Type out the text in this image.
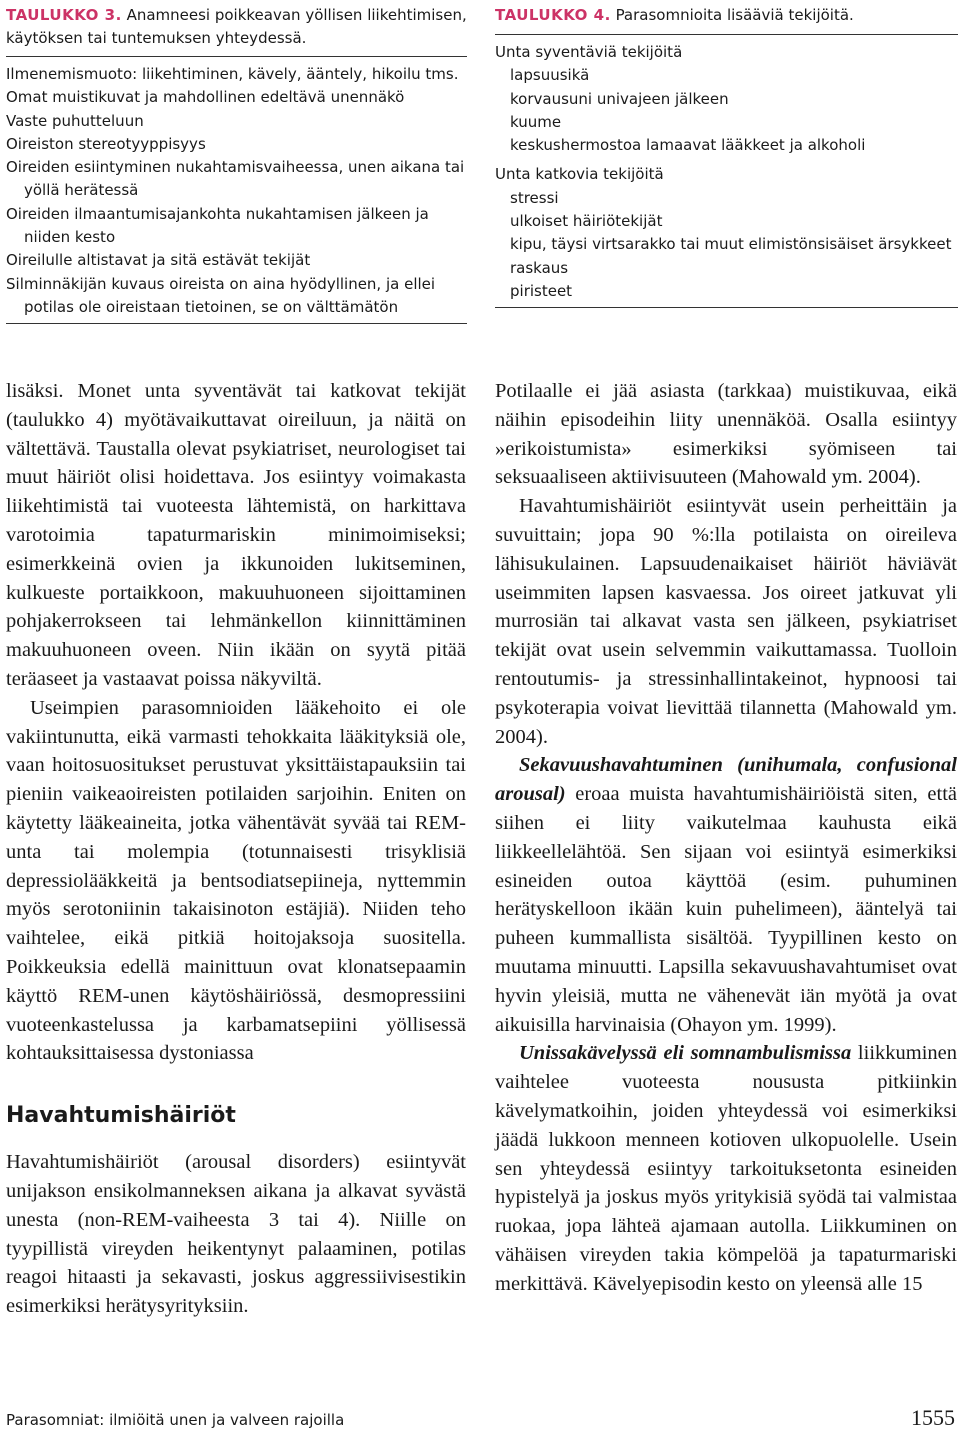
TAULUKKO 3. Anamneesi poikkeavan yöllisen liikehtimisen, käytöksen tai tuntemuksen yhteydessä.
Ilmenemismuoto: liikehtiminen, kävely, ääntely, hikoilu tms.
Omat muistikuvat ja mahdollinen edeltävä unennäkö
Vaste puhutteluun
Oireiston stereotyyppisyys
Oireiden esiintyminen nukahtamisvaiheessa, unen aikana tai yöllä herätessä
Oireiden ilmaantumisajankohta nukahtamisen jälkeen ja niiden kesto
Oireilulle altistavat ja sitä estävät tekijät
Silminnäkijän kuvaus oireista on aina hyödyllinen, ja ellei potilas ole oireistaan tietoinen, se on välttämätön
TAULUKKO 4. Parasomnioita lisääviä tekijöitä.
Unta syventäviä tekijöitä
lapsuusikä
korvausuni univajeen jälkeen
kuume
keskushermostoa lamaavat lääkkeet ja alkoholi
Unta katkovia tekijöitä
stressi
ulkoiset häiriötekijät
kipu, täysi virtsarakko tai muut elimistönsisäiset ärsykkeet
raskaus
piristeet

lisäksi. Monet unta syventävät tai katkovat tekijät (taulukko 4) myötävaikuttavat oireiluun, ja näitä on vältettävä. Taustalla olevat psykiatriset, neurologiset tai muut häiriöt olisi hoidettava. Jos esiintyy voimakasta liikehtimistä tai vuoteesta lähtemistä, on harkittava varotoimia tapaturmariskin minimoimiseksi; esimerkkeinä ovien ja ikkunoiden lukitseminen, kulkueste portaikkoon, makuuhuoneen sijoittaminen pohjakerrokseen tai lehmänkellon kiinnittäminen makuuhuoneen oveen. Niin ikään on syytä pitää teräaseet ja vastaavat poissa näkyviltä.

Useimpien parasomnioiden lääkehoito ei ole vakiintunutta, eikä varmasti tehokkaita lääkityksiä ole, vaan hoitosuositukset perustuvat yksittäistapauksiin tai pieniin vaikeaoireisten potilaiden sarjoihin. Eniten on käytetty lääkeaineita, jotka vähentävät syvää tai REM-unta tai molempia (totunnaisesti trisyklisiä depressiolääkkeitä ja bentsodiatsepiineja, nyttemmin myös serotoniinin takaisinoton estäjiä). Niiden teho vaihtelee, eikä pitkiä hoitojaksoja suositella. Poikkeuksia edellä mainittuun ovat klonatsepaamin käyttö REM-unen käytöshäiriössä, desmopressiini vuoteenkastelussa ja karbamatsepiini yöllisessä kohtauksittaisessa dystoniassa

Havahtumishäiriöt

Havahtumishäiriöt (arousal disorders) esiintyvät unijakson ensikolmanneksen aikana ja alkavat syvästä unesta (non-REM-vaiheesta 3 tai 4). Niille on tyypillistä vireyden heikentynyt palaaminen, potilas reagoi hitaasti ja sekavasti, joskus aggressiivisestikin esimerkiksi herätysyrityksiin.

Potilaalle ei jää asiasta (tarkkaa) muistikuvaa, eikä näihin episodeihin liity unennäköä. Osalla esiintyy »erikoistumista» esimerkiksi syömiseen tai seksuaaliseen aktiivisuuteen (Mahowald ym. 2004).

Havahtumishäiriöt esiintyvät usein perheittäin ja suvuittain; jopa 90 %:lla potilaista on oireileva lähisukulainen. Lapsuudenaikaiset häiriöt häviävät useimmiten lapsen kasvaessa. Jos oireet jatkuvat yli murrosiän tai alkavat vasta sen jälkeen, psykiatriset tekijät ovat usein selvemmin vaikuttamassa. Tuolloin rentoutumis- ja stressinhallintakeinot, hypnoosi tai psykoterapia voivat lievittää tilannetta (Mahowald ym. 2004).

Sekavuushavahtuminen (unihumala, confusional arousal) eroaa muista havahtumishäiriöistä siten, että siihen ei liity vaikutelmaa kauhusta eikä liikkeellelähtöä. Sen sijaan voi esiintyä esimerkiksi esineiden outoa käyttöä (esim. puhuminen herätyskelloon ikään kuin puhelimeen), ääntelyä tai puheen kummallista sisältöä. Tyypillinen kesto on muutama minuutti. Lapsilla sekavuushavahtumiset ovat hyvin yleisiä, mutta ne vähenevät iän myötä ja ovat aikuisilla harvinaisia (Ohayon ym. 1999).

Unissakävelyssä eli somnambulismissa liikkuminen vaihtelee vuoteesta noususta pitkiinkin kävelymatkoihin, joiden yhteydessä voi esimerkiksi jäädä lukkoon menneen kotioven ulkopuolelle. Usein sen yhteydessä esiintyy tarkoituksetonta esineiden hypistelyä ja joskus myös yritykisiä syödä tai valmistaa ruokaa, jopa lähteä ajamaan autolla. Liikkuminen on vähäisen vireyden takia kömpelöä ja tapaturmariski merkittävä. Kävelyepisodin kesto on yleensä alle 15

Parasomniat: ilmiöitä unen ja valveen rajoilla	1555
